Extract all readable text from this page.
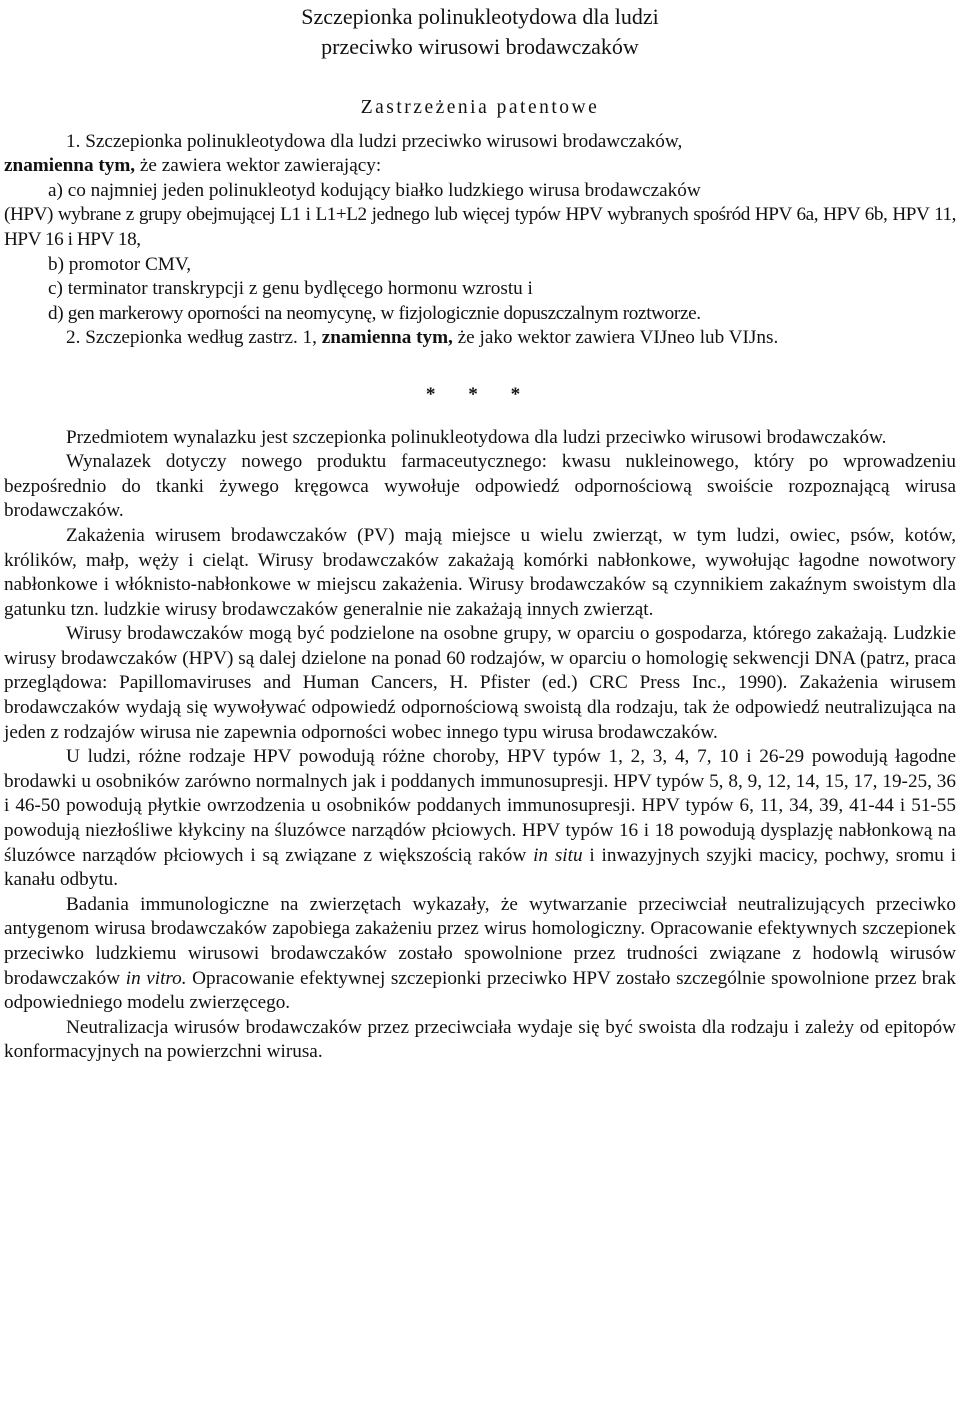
Szczepionka polinukleotydowa dla ludzi
przeciwko wirusowi brodawczaków
Zastrzeżenia patentowe

1. Szczepionka polinukleotydowa dla ludzi przeciwko wirusowi brodawczaków,
znamienna tym, że zawiera wektor zawierający:

a) co najmniej jeden polinukleotyd kodujący białko ludzkiego wirusa brodawczaków

(HPV) wybrane z grupy obejmującej L1 i L1+L2 jednego lub więcej typów HPV wybranych spośród HPV 6a, HPV 6b, HPV 11, HPV 16 i HPV 18,

b) promotor CMV,
c) terminator transkrypcji z genu bydlęcego hormonu wzrostu i
d) gen markerowy oporności na neomycynę, w fizjologicznie dopuszczalnym roztworze.

2. Szczepionka według zastrz. 1, znamienna tym, że jako wektor zawiera VIJneo lub VIJns.

* * *

Przedmiotem wynalazku jest szczepionka polinukleotydowa dla ludzi przeciwko wirusowi brodawczaków.

Wynalazek dotyczy nowego produktu farmaceutycznego: kwasu nukleinowego, który po wprowadzeniu bezpośrednio do tkanki żywego kręgowca wywołuje odpowiedź odpornościową swoiście rozpoznającą wirusa brodawczaków.

Zakażenia wirusem brodawczaków (PV) mają miejsce u wielu zwierząt, w tym ludzi, owiec, psów, kotów, królików, małp, węży i cieląt. Wirusy brodawczaków zakażają komórki nabłonkowe, wywołując łagodne nowotwory nabłonkowe i włóknisto-nabłonkowe w miejscu zakażenia. Wirusy brodawczaków są czynnikiem zakaźnym swoistym dla gatunku tzn. ludzkie wirusy brodawczaków generalnie nie zakażają innych zwierząt.

Wirusy brodawczaków mogą być podzielone na osobne grupy, w oparciu o gospodarza, którego zakażają. Ludzkie wirusy brodawczaków (HPV) są dalej dzielone na ponad 60 rodzajów, w oparciu o homologię sekwencji DNA (patrz, praca przeglądowa: Papillomaviruses and Human Cancers, H. Pfister (ed.) CRC Press Inc., 1990). Zakażenia wirusem brodawczaków wydają się wywoływać odpowiedź odpornościową swoistą dla rodzaju, tak że odpowiedź neutralizująca na jeden z rodzajów wirusa nie zapewnia odporności wobec innego typu wirusa brodawczaków.

U ludzi, różne rodzaje HPV powodują różne choroby, HPV typów 1, 2, 3, 4, 7, 10 i 26-29 powodują łagodne brodawki u osobników zarówno normalnych jak i poddanych immunosupresji. HPV typów 5, 8, 9, 12, 14, 15, 17, 19-25, 36 i 46-50 powodują płytkie owrzodzenia u osobników poddanych immunosupresji. HPV typów 6, 11, 34, 39, 41-44 i 51-55 powodują niezłośliwe kłykciny na śluzówce narządów płciowych. HPV typów 16 i 18 powodują dysplazję nabłonkową na śluzówce narządów płciowych i są związane z większością raków in situ i inwazyjnych szyjki macicy, pochwy, sromu i kanału odbytu.

Badania immunologiczne na zwierzętach wykazały, że wytwarzanie przeciwciał neutralizujących przeciwko antygenom wirusa brodawczaków zapobiega zakażeniu przez wirus homologiczny. Opracowanie efektywnych szczepionek przeciwko ludzkiemu wirusowi brodawczaków zostało spowolnione przez trudności związane z hodowlą wirusów brodawczaków in vitro. Opracowanie efektywnej szczepionki przeciwko HPV zostało szczególnie spowolnione przez brak odpowiedniego modelu zwierzęcego.

Neutralizacja wirusów brodawczaków przez przeciwciała wydaje się być swoista dla rodzaju i zależy od epitopów konformacyjnych na powierzchni wirusa.
